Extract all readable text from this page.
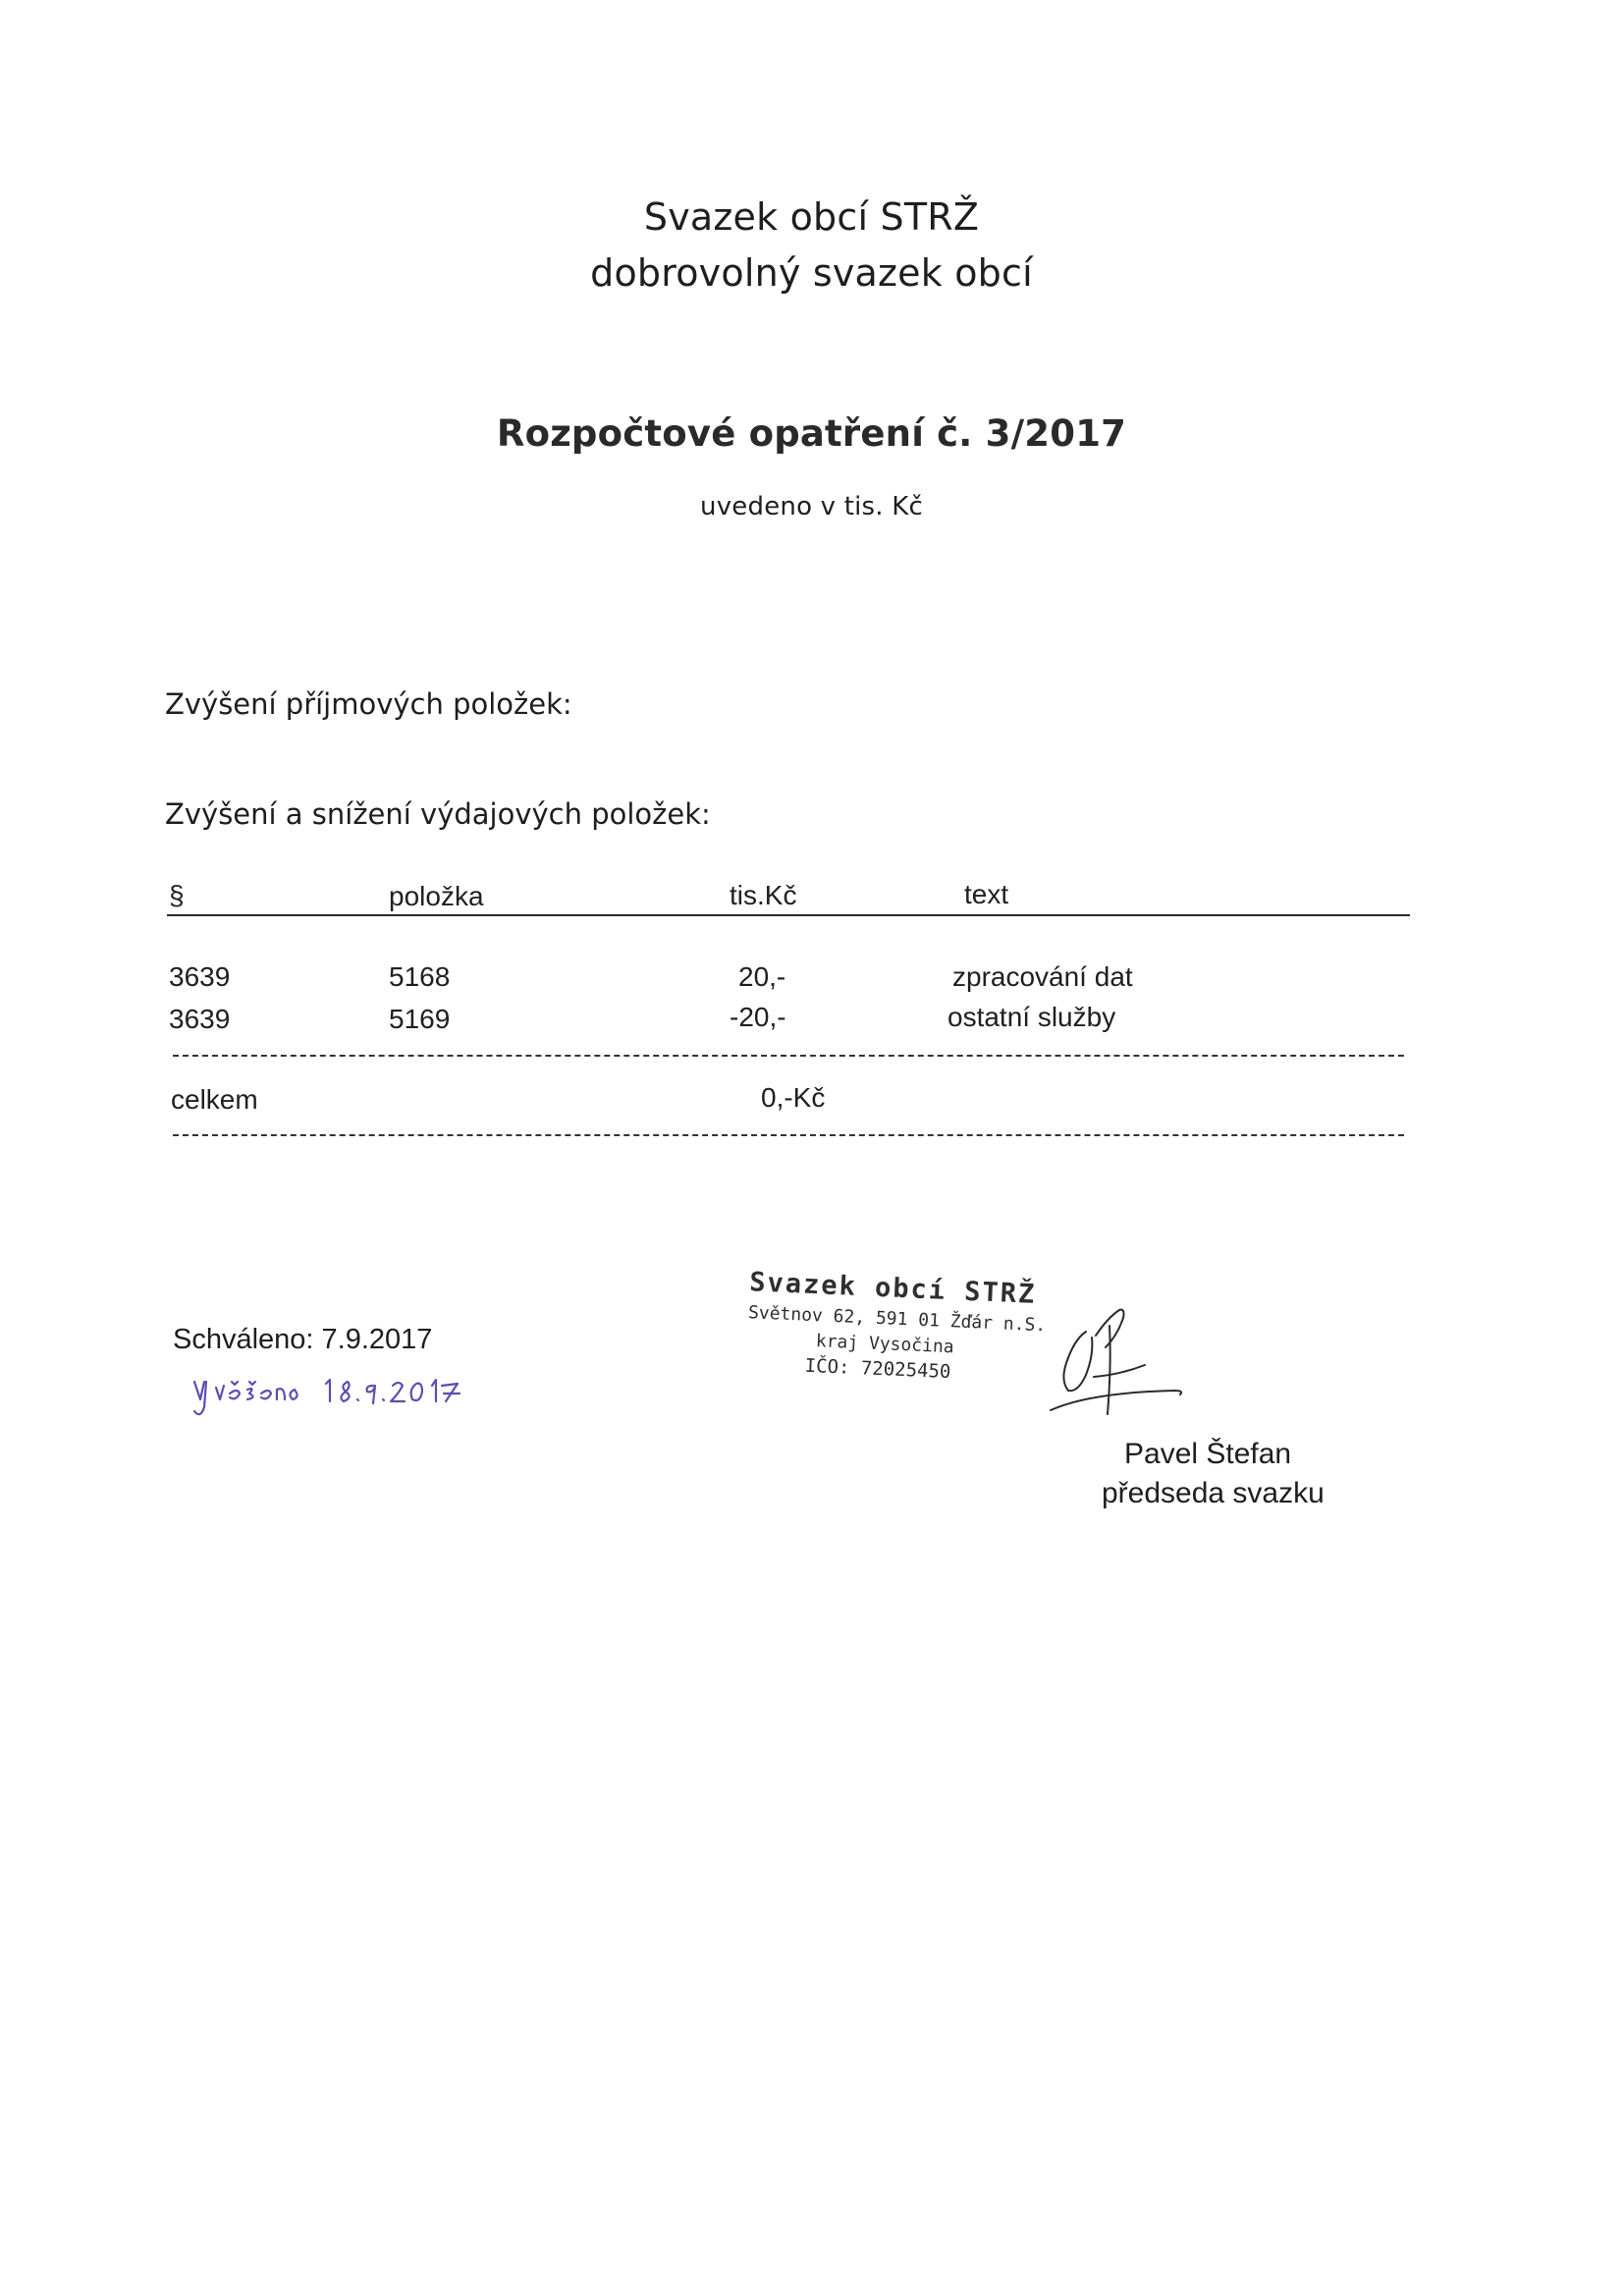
Svazek obcí STRŽ
dobrovolný svazek obcí
Rozpočtové opatření č. 3/2017
uvedeno v tis. Kč
Zvýšení příjmových položek:
Zvýšení a snížení výdajových položek:
§	položka	tis.Kč	text
3639	5168	20,-	zpracování dat
3639	5169	-20,-	ostatní služby
celkem	0,-Kč
Schváleno: 7.9.2017
Svazek obcí STRŽ
Světnov 62, 591 01 Žďár n.S.
kraj Vysočina
IČO: 72025450
Pavel Štefan
předseda svazku
